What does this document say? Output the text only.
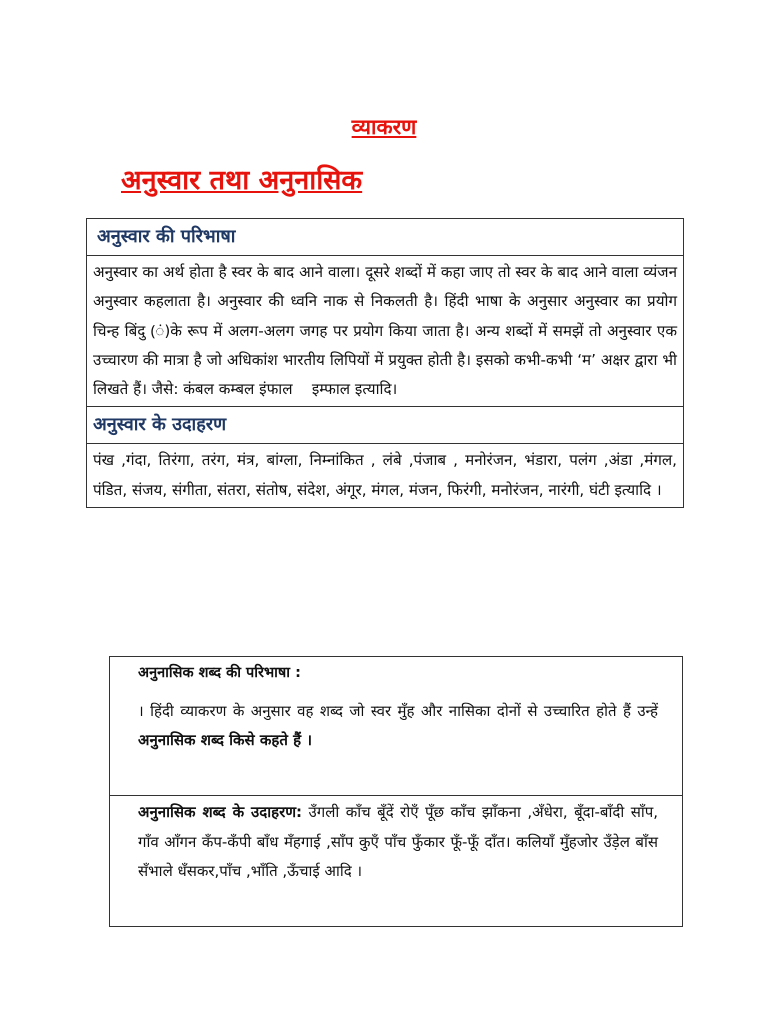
व्याकरण
अनुस्वार तथा अनुनासिक
अनुस्वार की परिभाषा
अनुस्वार का अर्थ होता है स्वर के बाद आने वाला। दूसरे शब्दों में कहा जाए तो स्वर के बाद आने वाला व्यंजन अनुस्वार कहलाता है। अनुस्वार की ध्वनि नाक से निकलती है। हिंदी भाषा के अनुसार अनुस्वार का प्रयोग चिन्ह बिंदु (ं)के रूप में अलग-अलग जगह पर प्रयोग किया जाता है। अन्य शब्दों में समझें तो अनुस्वार एक उच्चारण की मात्रा है जो अधिकांश भारतीय लिपियों में प्रयुक्त होती है। इसको कभी-कभी ‘म’ अक्षर द्वारा भी लिखते हैं। जैसे: कंबल कम्बल इंफाल    इम्फाल इत्यादि।
अनुस्वार के उदाहरण
पंख ,गंदा, तिरंगा, तरंग, मंत्र, बांग्ला, निम्नांकित , लंबे ,पंजाब , मनोरंजन, भंडारा, पलंग ,अंडा ,मंगल, पंडित, संजय, संगीता, संतरा, संतोष, संदेश, अंगूर, मंगल, मंजन, फिरंगी, मनोरंजन, नारंगी, घंटी इत्यादि ।
अनुनासिक शब्द की परिभाषा :
। हिंदी व्याकरण के अनुसार वह शब्द जो स्वर मुँह और नासिका दोनों से उच्चारित होते हैं उन्हें अनुनासिक शब्द किसे कहते हैं ।

अनुनासिक शब्द के उदाहरण: उँगली काँच बूँदें रोएँ पूँछ काँच झाँकना ,अँधेरा, बूँदा-बाँदी साँप, गाँव आँगन कँप-कँपी बाँध मँहगाई ,साँप कुएँ पाँच फुँकार फूँ-फूँ दाँत। कलियाँ मुँहजोर उँड़ेल बाँस सँभाले धँसकर,पाँच ,भाँति ,ऊँचाई आदि ।
